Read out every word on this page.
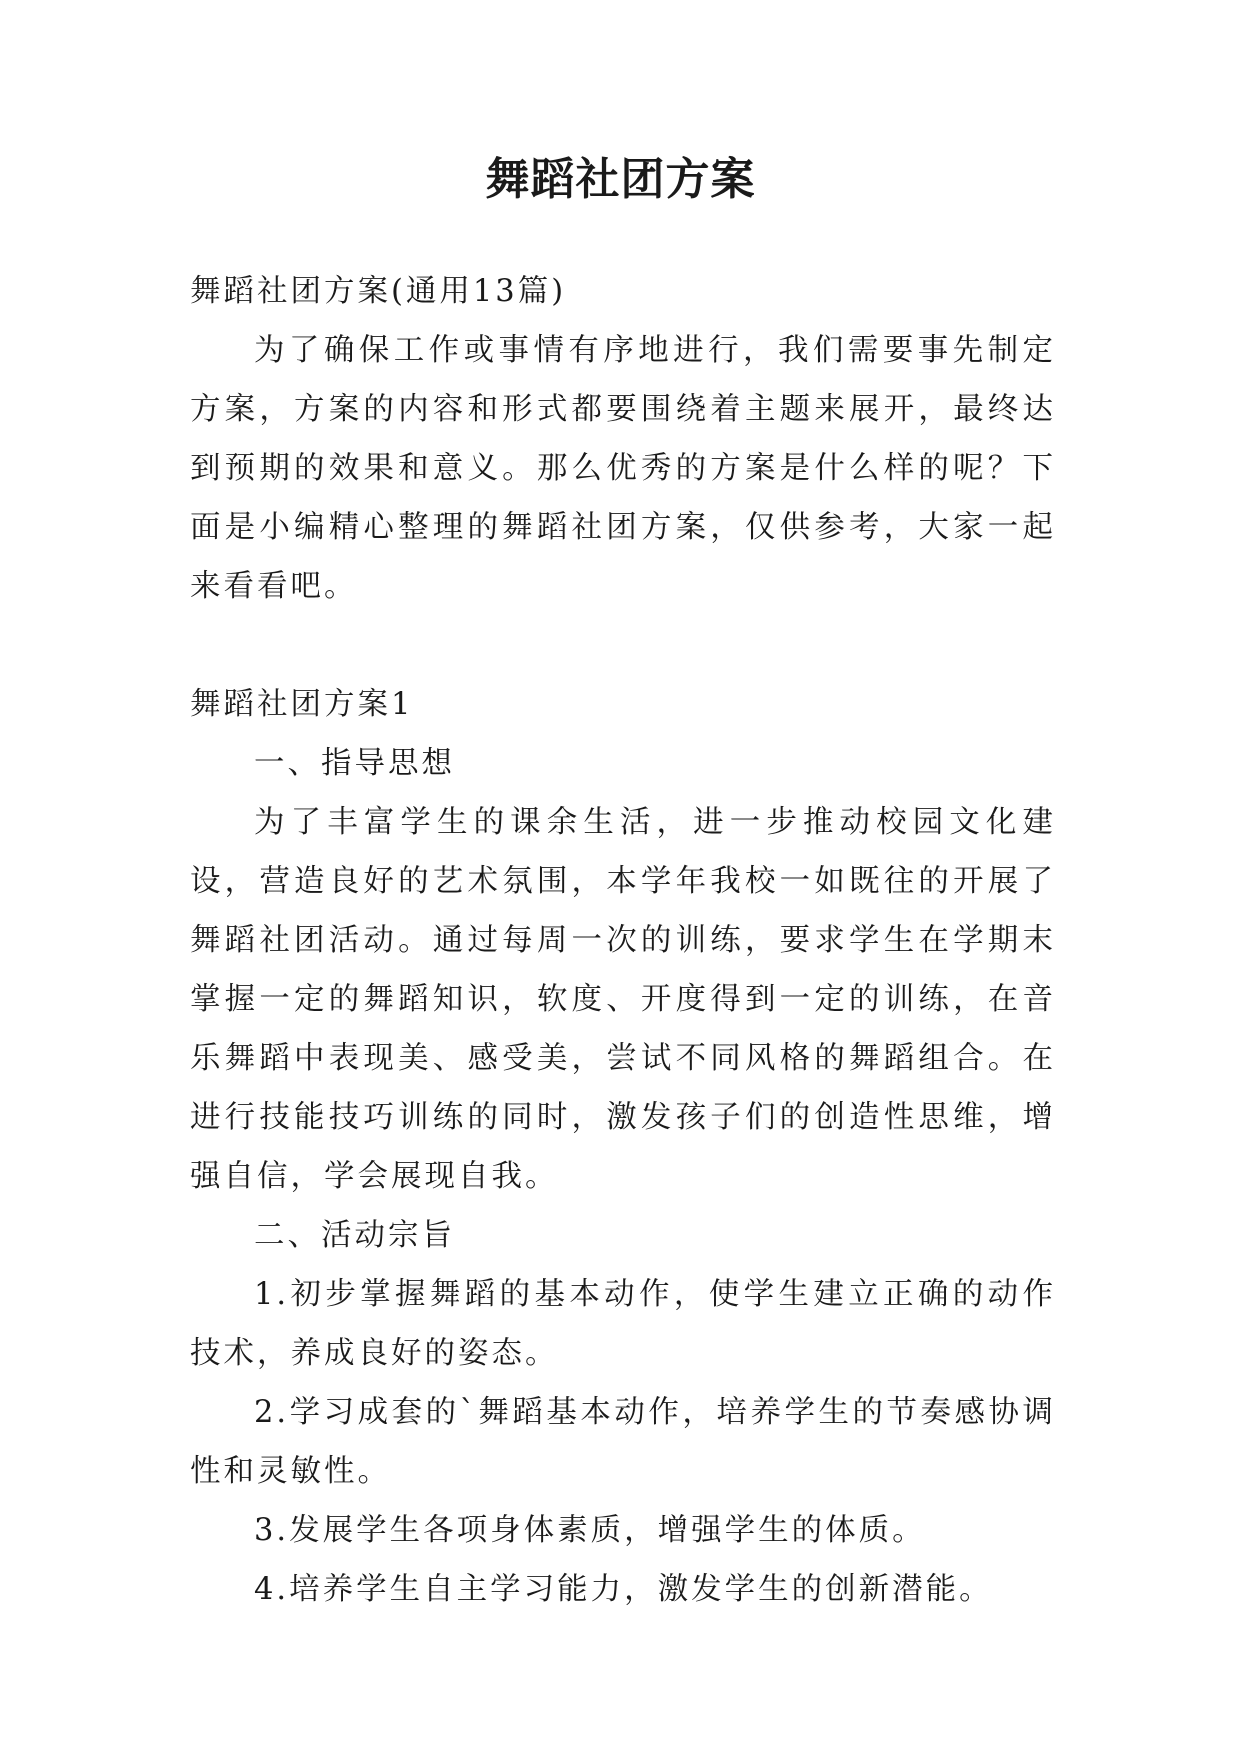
舞蹈社团方案

舞蹈社团方案(通用13篇)

为了确保工作或事情有序地进行，我们需要事先制定方案，方案的内容和形式都要围绕着主题来展开，最终达到预期的效果和意义。那么优秀的方案是什么样的呢？下面是小编精心整理的舞蹈社团方案，仅供参考，大家一起来看看吧。

舞蹈社团方案1

一、指导思想

为了丰富学生的课余生活，进一步推动校园文化建设，营造良好的艺术氛围，本学年我校一如既往的开展了舞蹈社团活动。通过每周一次的训练，要求学生在学期末掌握一定的舞蹈知识，软度、开度得到一定的训练，在音乐舞蹈中表现美、感受美，尝试不同风格的舞蹈组合。在进行技能技巧训练的同时，激发孩子们的创造性思维，增强自信，学会展现自我。

二、活动宗旨

1.初步掌握舞蹈的基本动作，使学生建立正确的动作技术，养成良好的姿态。

2.学习成套的`舞蹈基本动作，培养学生的节奏感协调性和灵敏性。

3.发展学生各项身体素质，增强学生的体质。

4.培养学生自主学习能力，激发学生的创新潜能。
